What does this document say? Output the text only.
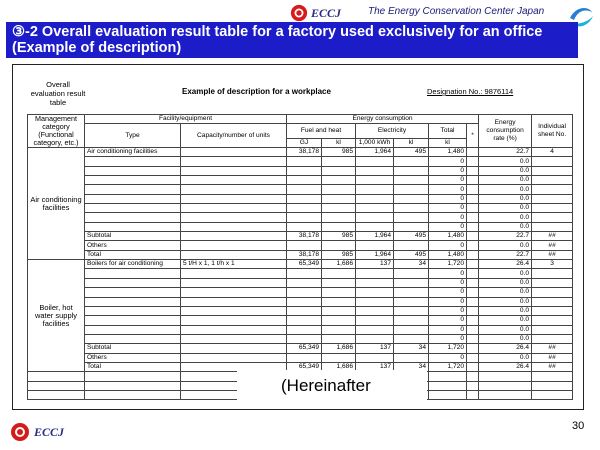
ECCJ	The Energy Conservation Center Japan
③-2 Overall evaluation result table for a factory used exclusively for an office
(Example of description)
Overall evaluation result table
Example of description for a workplace	Designation No.: 9876114
Management category (Functional category, etc.)	Facility/equipment		Energy consumption						Energy consumption rate (%)	Individual sheet No.
	Type	Capacity/number of units	Fuel and heat		Electricity		Total	*		
			GJ	kl	1,000 kWh	kl	kl			
Air conditioning facilities	Air conditioning facilities		38,178	985	1,964	495	1,480		22.7	4
							0		0.0	
							0		0.0	
							0		0.0	
							0		0.0	
							0		0.0	
							0		0.0	
							0		0.0	
							0		0.0	
	Subtotal		38,178	985	1,964	495	1,480		22.7	##
	Others						0		0.0	##
	Total		38,178	985	1,964	495	1,480		22.7	##
Boiler, hot water supply facilities	Boilers for air conditioning	5 t/H x 1, 1 t/h x 1	65,349	1,686	137	34	1,720		26.4	3
							0		0.0	
							0		0.0	
							0		0.0	
							0		0.0	
							0		0.0	
							0		0.0	
							0		0.0	
							0		0.0	
	Subtotal		65,349	1,686	137	34	1,720		26.4	##
	Others						0		0.0	##
	Total		65,349	1,686	137	34	1,720		26.4	##

(Hereinafter
ECCJ	30
